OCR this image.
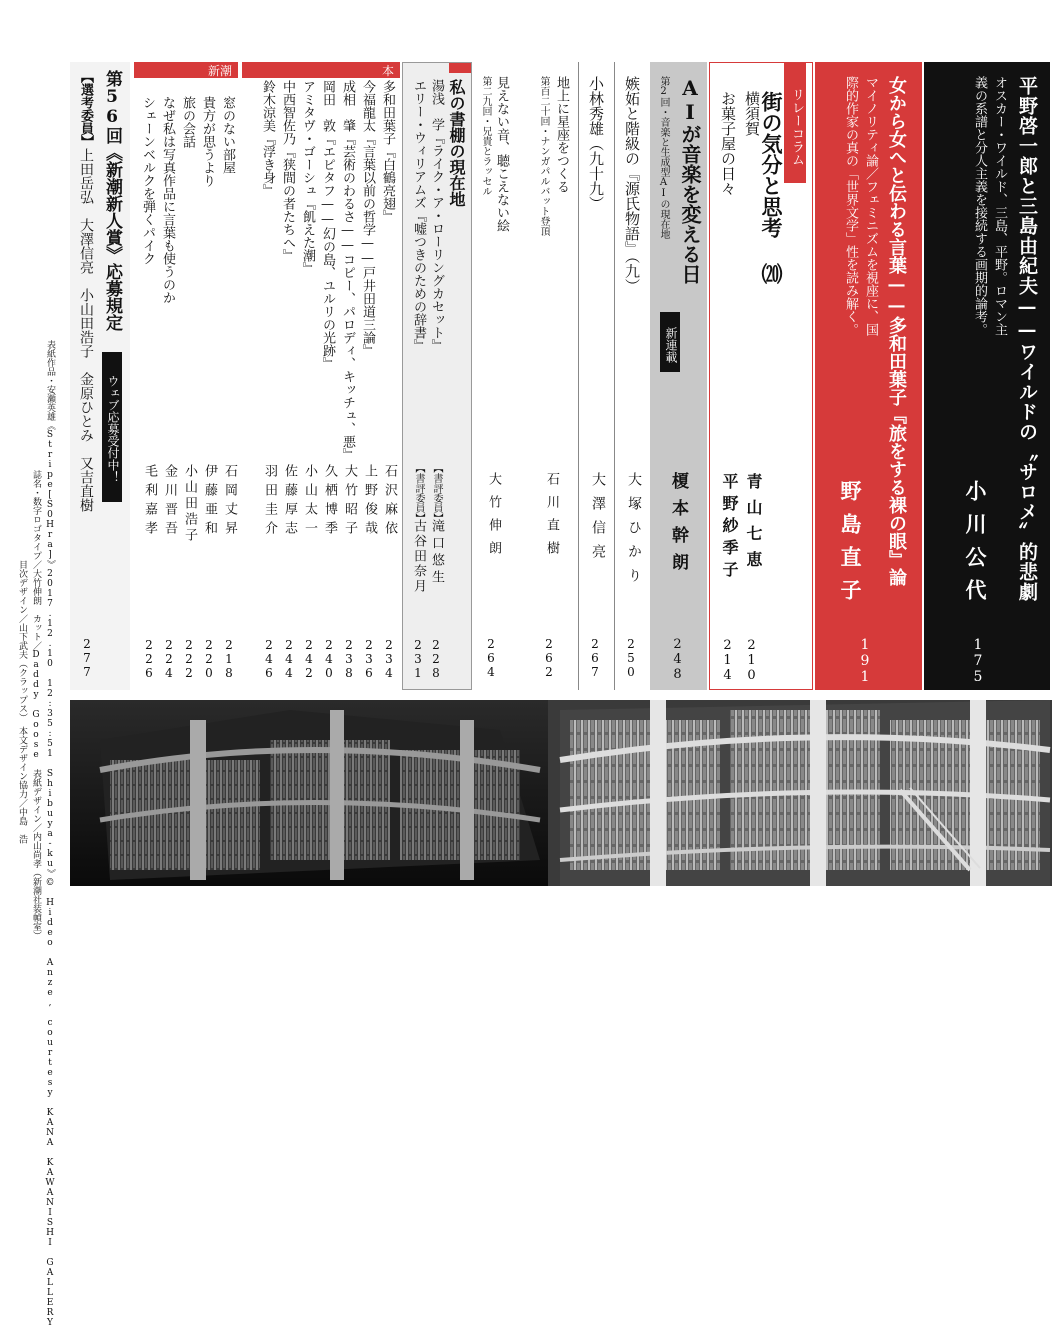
平野啓一郎と三島由紀夫——ワイルドの〝サロメ〟的悲劇
オスカー・ワイルド、三島、平野。ロマン主
義の系譜と分人主義を接続する画期的論考。
小川公代
175
女から女へと伝わる言葉——多和田葉子『旅をする裸の眼』論
マイノリティ論／フェミニズムを視座に、国
際的作家の真の「世界文学」性を読み解く。
野島直子
191
リレーコラム
街の気分と思考
⒇
横須賀
お菓子屋の日々
青山七恵
平野紗季子
210
214
AIが音楽を変える日
第2回・音楽と生成型AIの現在地
新連載
榎本幹朗
248
嫉妬と階級の『源氏物語』（九）
大塚ひかり
250
小林秀雄（九十九）
大澤信亮
267
地上に星座をつくる
第百二十回・ナンガパルバット登頂
石川直樹
262
見えない音、聴こえない絵
第二九回・兄貴とラッセル
大竹伸朗
264
私の書棚の現在地
湯浅　学『ライク・ア・ローリングカセット』
エリー・ウィリアムズ『嘘つきのための辞書』
【書評委員】
【書評委員】
滝口悠生
古谷田奈月
228
231
本
多和田葉子『白鶴亮翅』
今福龍太『言葉以前の哲学——戸井田道三論』
成相　肇『芸術のわるさ——コピー、パロディ、キッチュ、悪』
岡田　敦『エピタフ——幻の島、ユルリの光跡』
アミタヴ・ゴーシュ『飢えた潮』
中西智佐乃『狭間の者たちへ』
鈴木涼美『浮き身』
石沢麻依
上野俊哉
大竹昭子
久栖博季
小山太一
佐藤厚志
羽田圭介
234
236
238
240
242
244
246
新潮
窓のない部屋
貴方が思うより
旅の会話
なぜ私は写真作品に言葉も使うのか
シェーンベルクを弾くパイク
石岡丈昇
伊藤亜和
小山田浩子
金川晋吾
毛利嘉孝
218
220
222
224
226
第56回《新潮新人賞》応募規定
ウェブ応募受付中！
【選考委員】
上田岳弘　大澤信亮　小山田浩子　金原ひとみ　又吉直樹
277
表紙作品・安瀬英雄《Stripe[S0Hra]》2017.12.10 12:35:51 Shibuya-ku》© Hideo Anze, courtesy KANA KAWANISHI GALLERY
誌名・数字ロゴタイプ／大竹伸朗　カット／Daddy Goose　表紙デザイン／内山尚孝（新潮社装幀室）
目次デザイン／山下武夫（クラップス）　本文デザイン協力／中島　浩
